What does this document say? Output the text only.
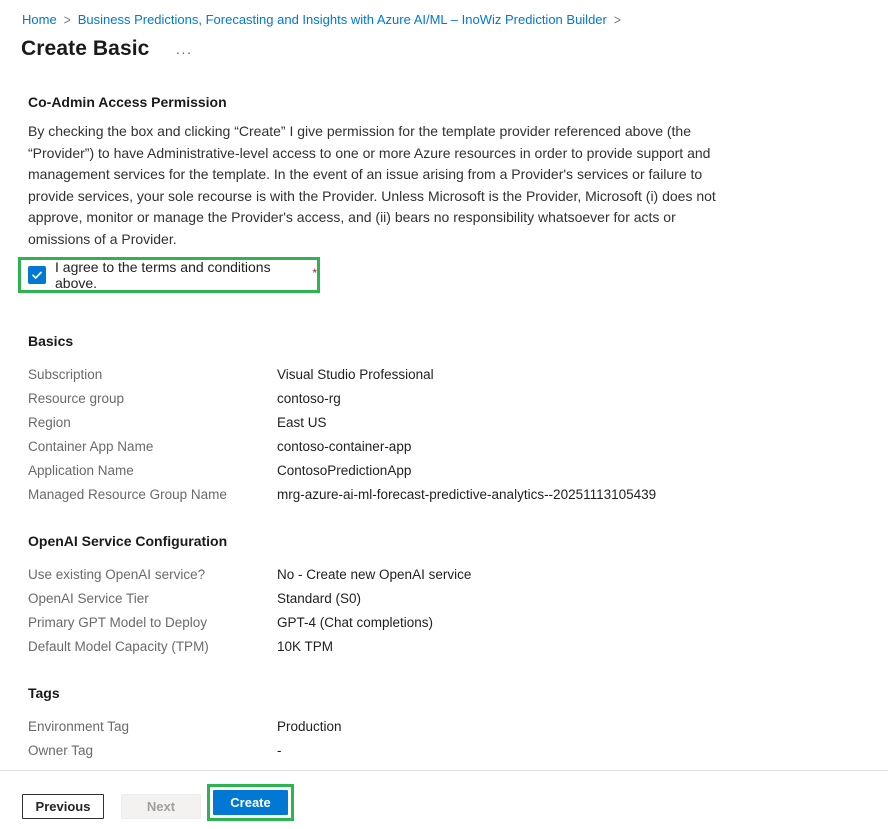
Home > Business Predictions, Forecasting and Insights with Azure AI/ML – InoWiz Prediction Builder >
Create Basic ···
Co-Admin Access Permission
By checking the box and clicking “Create” I give permission for the template provider referenced above (the “Provider”) to have Administrative-level access to one or more Azure resources in order to provide support and management services for the template. In the event of an issue arising from a Provider's services or failure to provide services, your sole recourse is with the Provider. Unless Microsoft is the Provider, Microsoft (i) does not approve, monitor or manage the Provider's access, and (ii) bears no responsibility whatsoever for acts or omissions of a Provider.
I agree to the terms and conditions above.
*
Basics
Subscription	Visual Studio Professional
Resource group	contoso-rg
Region	East US
Container App Name	contoso-container-app
Application Name	ContosoPredictionApp
Managed Resource Group Name	mrg-azure-ai-ml-forecast-predictive-analytics--20251113105439
OpenAI Service Configuration
Use existing OpenAI service?	No - Create new OpenAI service
OpenAI Service Tier	Standard (S0)
Primary GPT Model to Deploy	GPT-4 (Chat completions)
Default Model Capacity (TPM)	10K TPM
Tags
Environment Tag	Production
Owner Tag	-
Previous	Next	Create
